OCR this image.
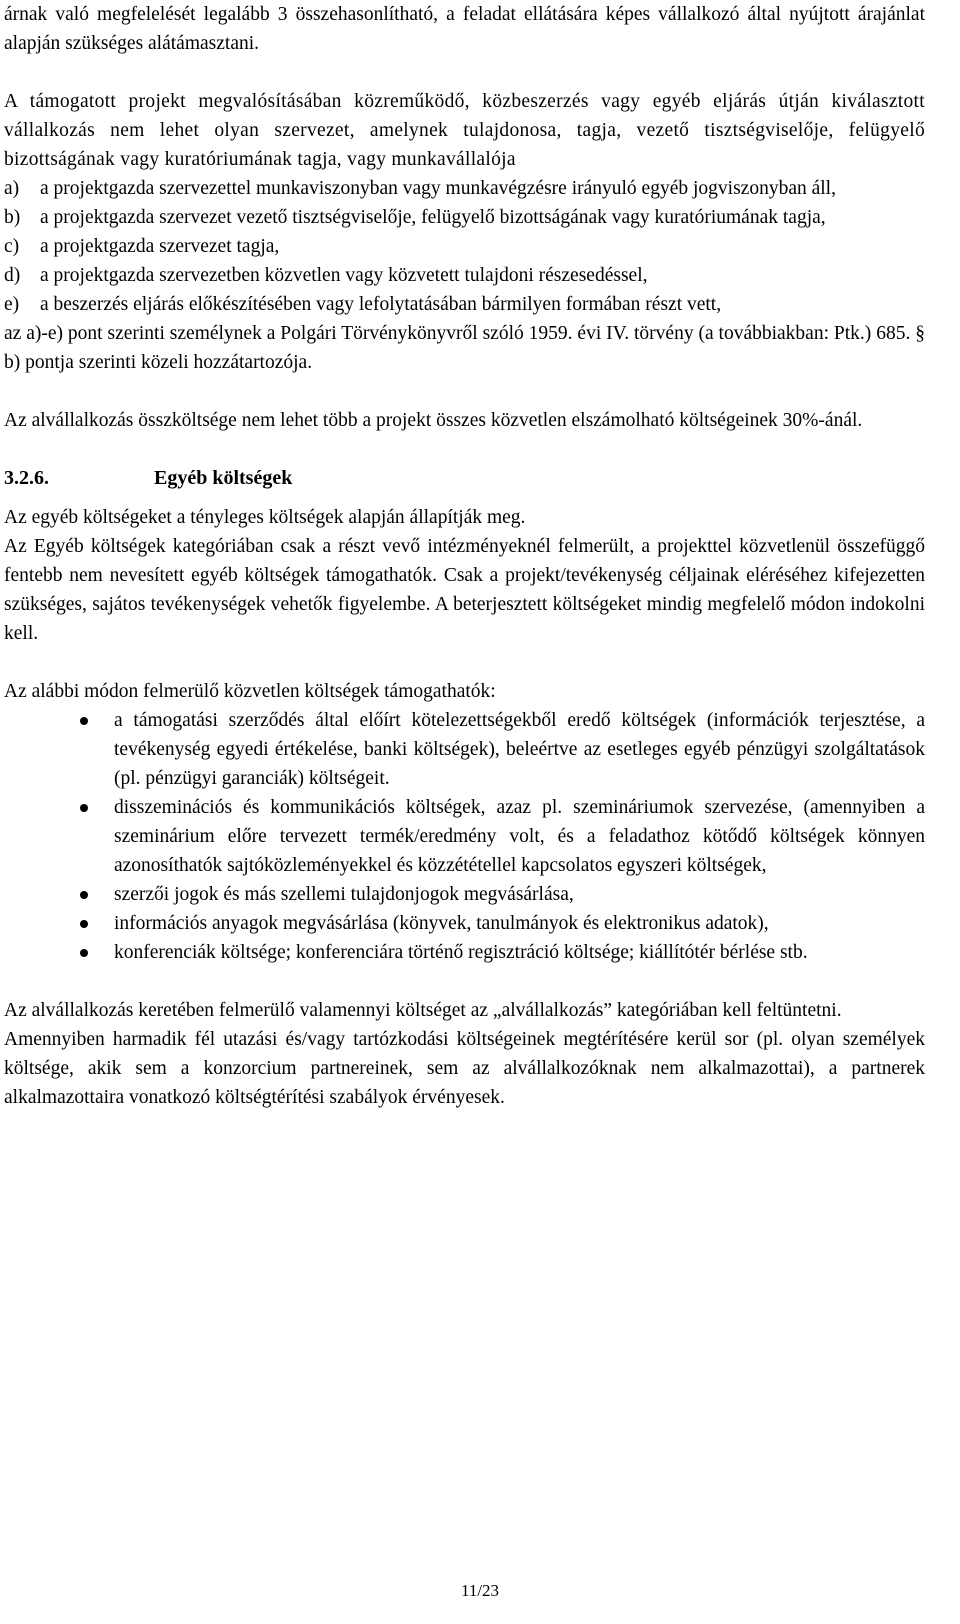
árnak való megfelelését legalább 3 összehasonlítható, a feladat ellátására képes vállalkozó által nyújtott árajánlat alapján szükséges alátámasztani.

A támogatott projekt megvalósításában közreműködő, közbeszerzés vagy egyéb eljárás útján kiválasztott vállalkozás nem lehet olyan szervezet, amelynek tulajdonosa, tagja, vezető tisztségviselője, felügyelő bizottságának vagy kuratóriumának tagja, vagy munkavállalója

a)	a projektgazda szervezettel munkaviszonyban vagy munkavégzésre irányuló egyéb jogviszonyban áll,
b)	a projektgazda szervezet vezető tisztségviselője, felügyelő bizottságának vagy kuratóriumának tagja,
c)	a projektgazda szervezet tagja,
d)	a projektgazda szervezetben közvetlen vagy közvetett tulajdoni részesedéssel,
e)	a beszerzés eljárás előkészítésében vagy lefolytatásában bármilyen formában részt vett,

az a)-e) pont szerinti személynek a Polgári Törvénykönyvről szóló 1959. évi IV. törvény (a továbbiakban: Ptk.) 685. § b) pontja szerinti közeli hozzátartozója.

Az alvállalkozás összköltsége nem lehet több a projekt összes közvetlen elszámolható költségeinek 30%-ánál.

3.2.6.	Egyéb költségek

Az egyéb költségeket a tényleges költségek alapján állapítják meg.

Az Egyéb költségek kategóriában csak a részt vevő intézményeknél felmerült, a projekttel közvetlenül összefüggő fentebb nem nevesített egyéb költségek támogathatók. Csak a projekt/tevékenység céljainak eléréséhez kifejezetten szükséges, sajátos tevékenységek vehetők figyelembe. A beterjesztett költségeket mindig megfelelő módon indokolni kell.

Az alábbi módon felmerülő közvetlen költségek támogathatók:

a támogatási szerződés által előírt kötelezettségekből eredő költségek (információk terjesztése, a tevékenység egyedi értékelése, banki költségek), beleértve az esetleges egyéb pénzügyi szolgáltatások (pl. pénzügyi garanciák) költségeit.
disszeminációs és kommunikációs költségek, azaz pl. szemináriumok szervezése, (amennyiben a szeminárium előre tervezett termék/eredmény volt, és a feladathoz kötődő költségek könnyen azonosíthatók sajtóközleményekkel és közzététellel kapcsolatos egyszeri költségek,
szerzői jogok és más szellemi tulajdonjogok megvásárlása,
információs anyagok megvásárlása (könyvek, tanulmányok és elektronikus adatok),
konferenciák költsége; konferenciára történő regisztráció költsége; kiállítótér bérlése stb.

Az alvállalkozás keretében felmerülő valamennyi költséget az „alvállalkozás” kategóriában kell feltüntetni.

Amennyiben harmadik fél utazási és/vagy tartózkodási költségeinek megtérítésére kerül sor (pl. olyan személyek költsége, akik sem a konzorcium partnereinek, sem az alvállalkozóknak nem alkalmazottai), a partnerek alkalmazottaira vonatkozó költségtérítési szabályok érvényesek.

11/23
